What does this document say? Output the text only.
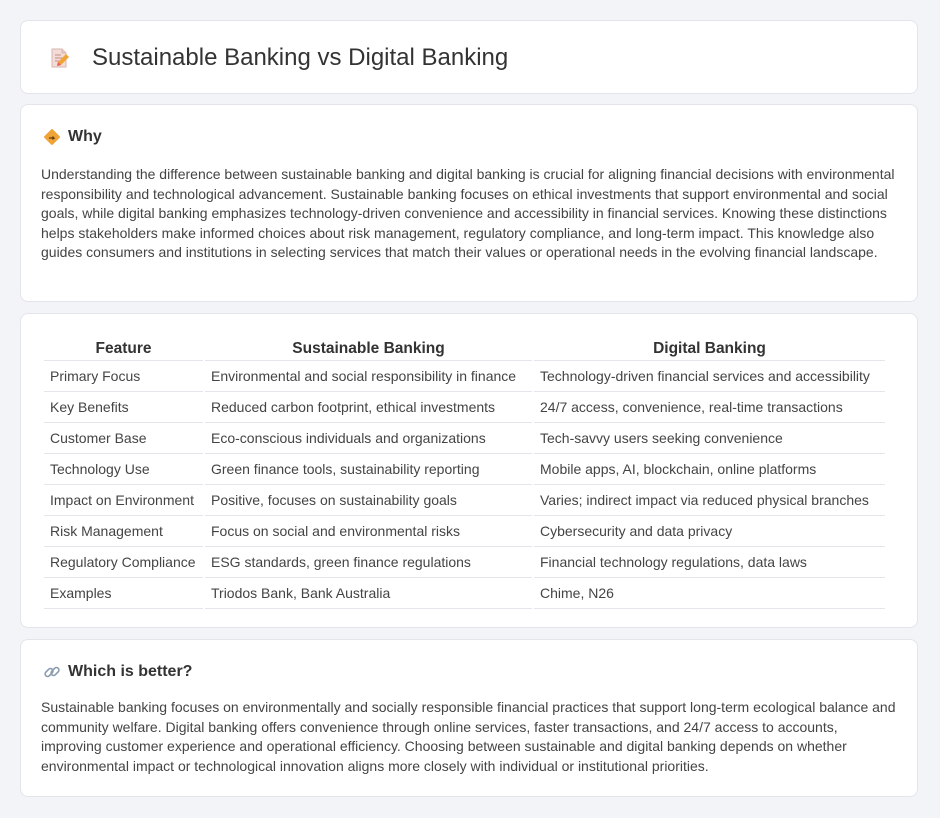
Sustainable Banking vs Digital Banking
Why

Understanding the difference between sustainable banking and digital banking is crucial for aligning financial decisions with environmental responsibility and technological advancement. Sustainable banking focuses on ethical investments that support environmental and social goals, while digital banking emphasizes technology-driven convenience and accessibility in financial services. Knowing these distinctions helps stakeholders make informed choices about risk management, regulatory compliance, and long-term impact. This knowledge also guides consumers and institutions in selecting services that match their values or operational needs in the evolving financial landscape.

Feature	Sustainable Banking	Digital Banking
Primary Focus	Environmental and social responsibility in finance	Technology-driven financial services and accessibility
Key Benefits	Reduced carbon footprint, ethical investments	24/7 access, convenience, real-time transactions
Customer Base	Eco-conscious individuals and organizations	Tech-savvy users seeking convenience
Technology Use	Green finance tools, sustainability reporting	Mobile apps, AI, blockchain, online platforms
Impact on Environment	Positive, focuses on sustainability goals	Varies; indirect impact via reduced physical branches
Risk Management	Focus on social and environmental risks	Cybersecurity and data privacy
Regulatory Compliance	ESG standards, green finance regulations	Financial technology regulations, data laws
Examples	Triodos Bank, Bank Australia	Chime, N26
Which is better?

Sustainable banking focuses on environmentally and socially responsible financial practices that support long-term ecological balance and community welfare. Digital banking offers convenience through online services, faster transactions, and 24/7 access to accounts, improving customer experience and operational efficiency. Choosing between sustainable and digital banking depends on whether environmental impact or technological innovation aligns more closely with individual or institutional priorities.
